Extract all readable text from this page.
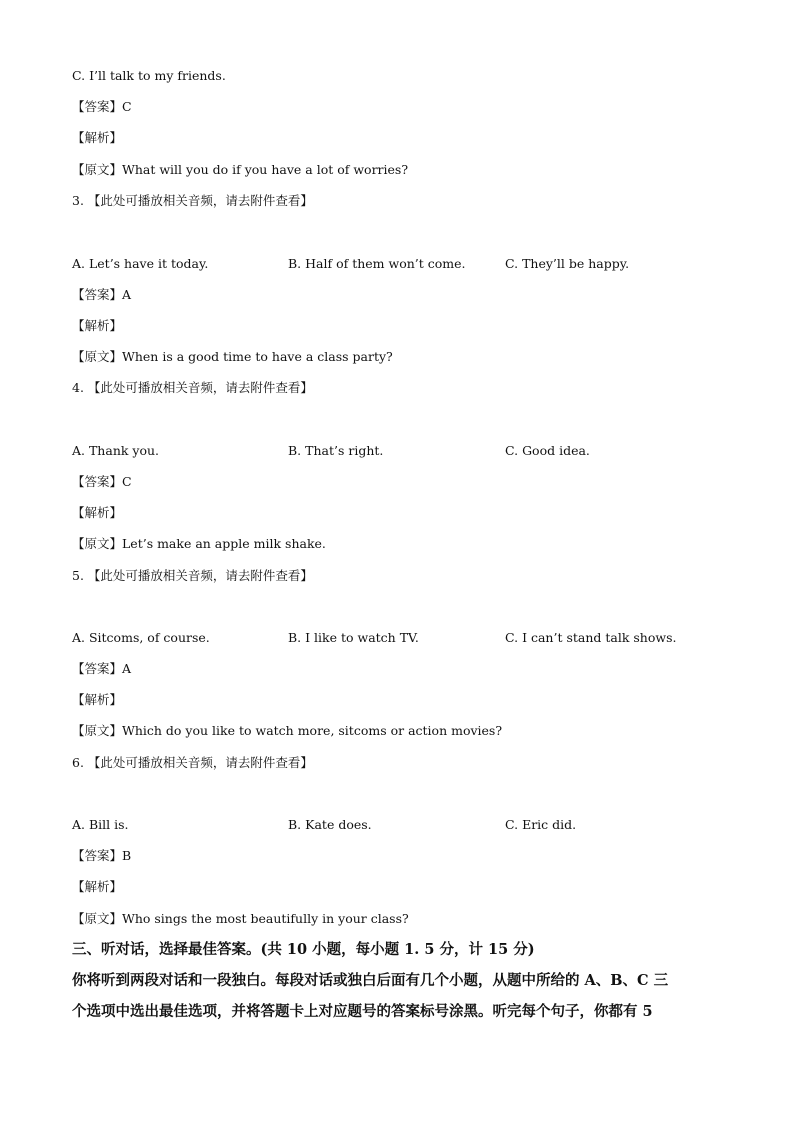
C. I’ll talk to my friends.
【答案】C
【解析】
【原文】What will you do if you have a lot of worries?
3. 【此处可播放相关音频，请去附件查看】
A. Let’s have it today.	B. Half of them won’t come.	C. They’ll be happy.
【答案】A
【解析】
【原文】When is a good time to have a class party?
4. 【此处可播放相关音频，请去附件查看】
A. Thank you.	B. That’s right.	C. Good idea.
【答案】C
【解析】
【原文】Let’s make an apple milk shake.
5. 【此处可播放相关音频，请去附件查看】
A. Sitcoms, of course.	B. I like to watch TV.	C. I can’t stand talk shows.
【答案】A
【解析】
【原文】Which do you like to watch more, sitcoms or action movies?
6. 【此处可播放相关音频，请去附件查看】
A. Bill is.	B. Kate does.	C. Eric did.
【答案】B
【解析】
【原文】Who sings the most beautifully in your class?
三、听对话，选择最佳答案。(共 10 小题，每小题 1. 5 分，计 15 分)
你将听到两段对话和一段独白。每段对话或独白后面有几个小题，从题中所给的 A、B、C 三
个选项中选出最佳选项，并将答题卡上对应题号的答案标号涂黑。听完每个句子，你都有 5
